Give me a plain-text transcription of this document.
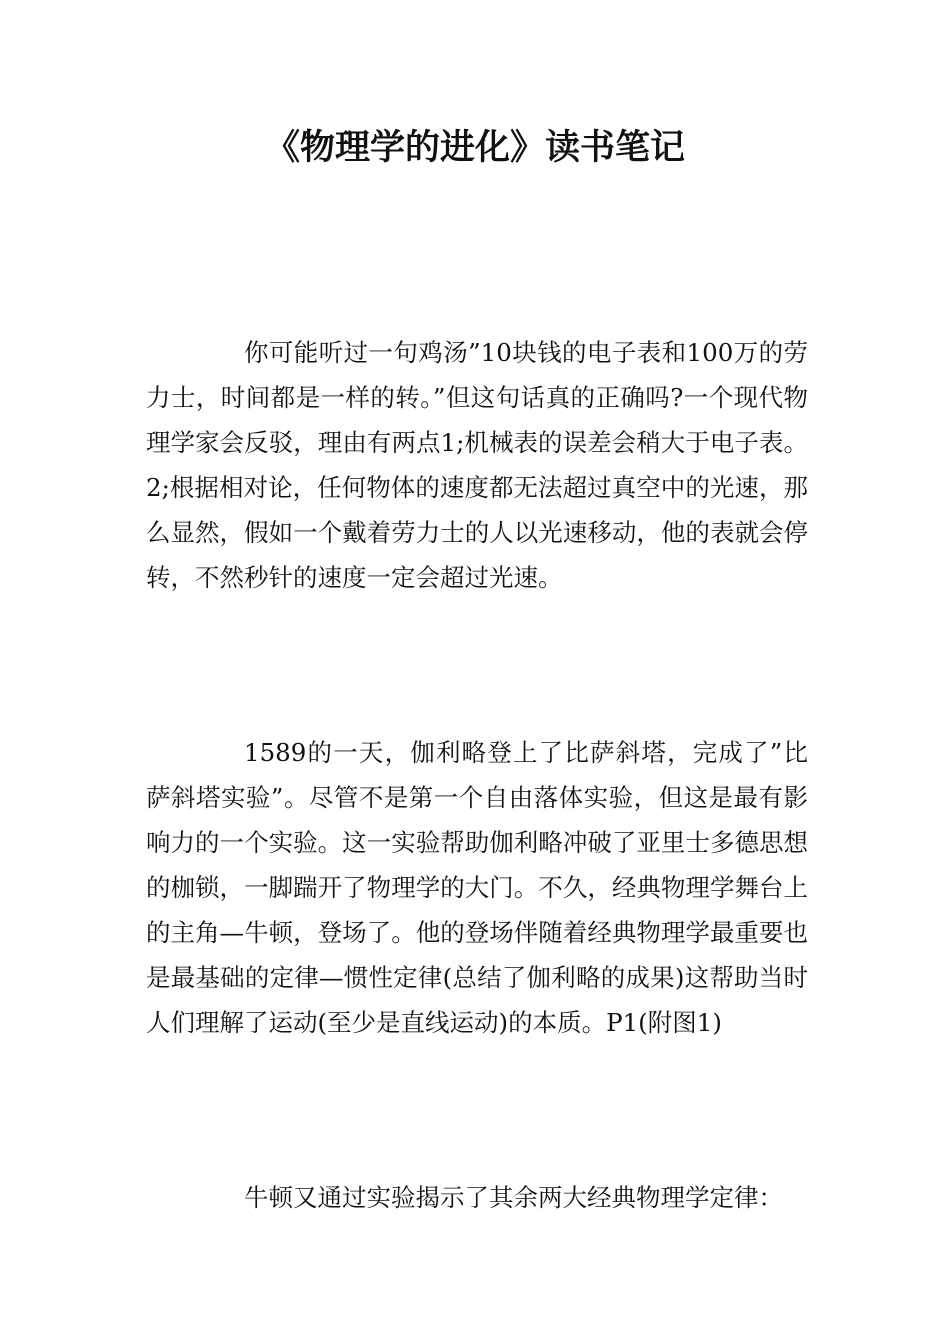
《物理学的进化》读书笔记

你可能听过一句鸡汤”10块钱的电子表和100万的劳力士，时间都是一样的转。”但这句话真的正确吗?一个现代物理学家会反驳，理由有两点1;机械表的误差会稍大于电子表。2;根据相对论，任何物体的速度都无法超过真空中的光速，那么显然，假如一个戴着劳力士的人以光速移动，他的表就会停转，不然秒针的速度一定会超过光速。

1589的一天，伽利略登上了比萨斜塔，完成了”比萨斜塔实验”。尽管不是第一个自由落体实验，但这是最有影响力的一个实验。这一实验帮助伽利略冲破了亚里士多德思想的枷锁，一脚踹开了物理学的大门。不久，经典物理学舞台上的主角—牛顿，登场了。他的登场伴随着经典物理学最重要也是最基础的定律—惯性定律(总结了伽利略的成果)这帮助当时人们理解了运动(至少是直线运动)的本质。P1(附图1)

牛顿又通过实验揭示了其余两大经典物理学定律：
